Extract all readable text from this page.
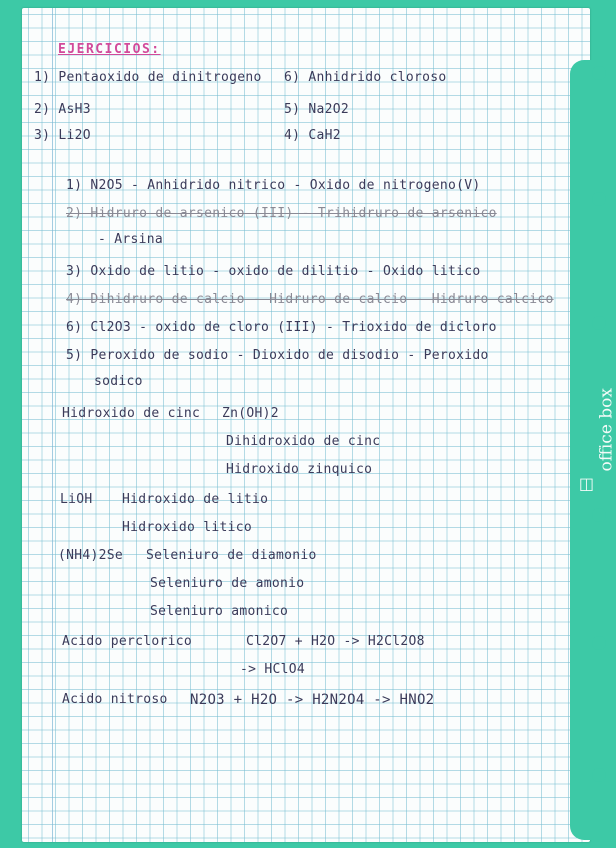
EJERCICIOS:
1) Pentaoxido de dinitrogeno 6) Anhidrido cloroso
2) AsH3	5) Na2O2
3) Li2O	4) CaH2
1) N2O5 - Anhidrido nitrico - Oxido de nitrogeno(V)
2) Hidruro de arsenico (III) - Trihidruro de arsenico
- Arsina
3) Oxido de litio - oxido de dilitio - Oxido litico
4) Dihidruro de calcio - Hidruro de calcio - Hidruro calcico
6) Cl2O3 - oxido de cloro (III) - Trioxido de dicloro
5) Peroxido de sodio - Dioxido de disodio - Peroxido
sodico
Hidroxido de cinc Zn(OH)2
Dihidroxido de cinc
Hidroxido zinquico
LiOH Hidroxido de litio
Hidroxido litico
(NH4)2Se Seleniuro de diamonio
Seleniuro de amonio
Seleniuro amonico
Acido perclorico	Cl2O7 + H2O -> H2Cl2O8
-> HClO4
Acido nitroso N2O3 + H2O -> H2N2O4 -> HNO2
office box
◫
